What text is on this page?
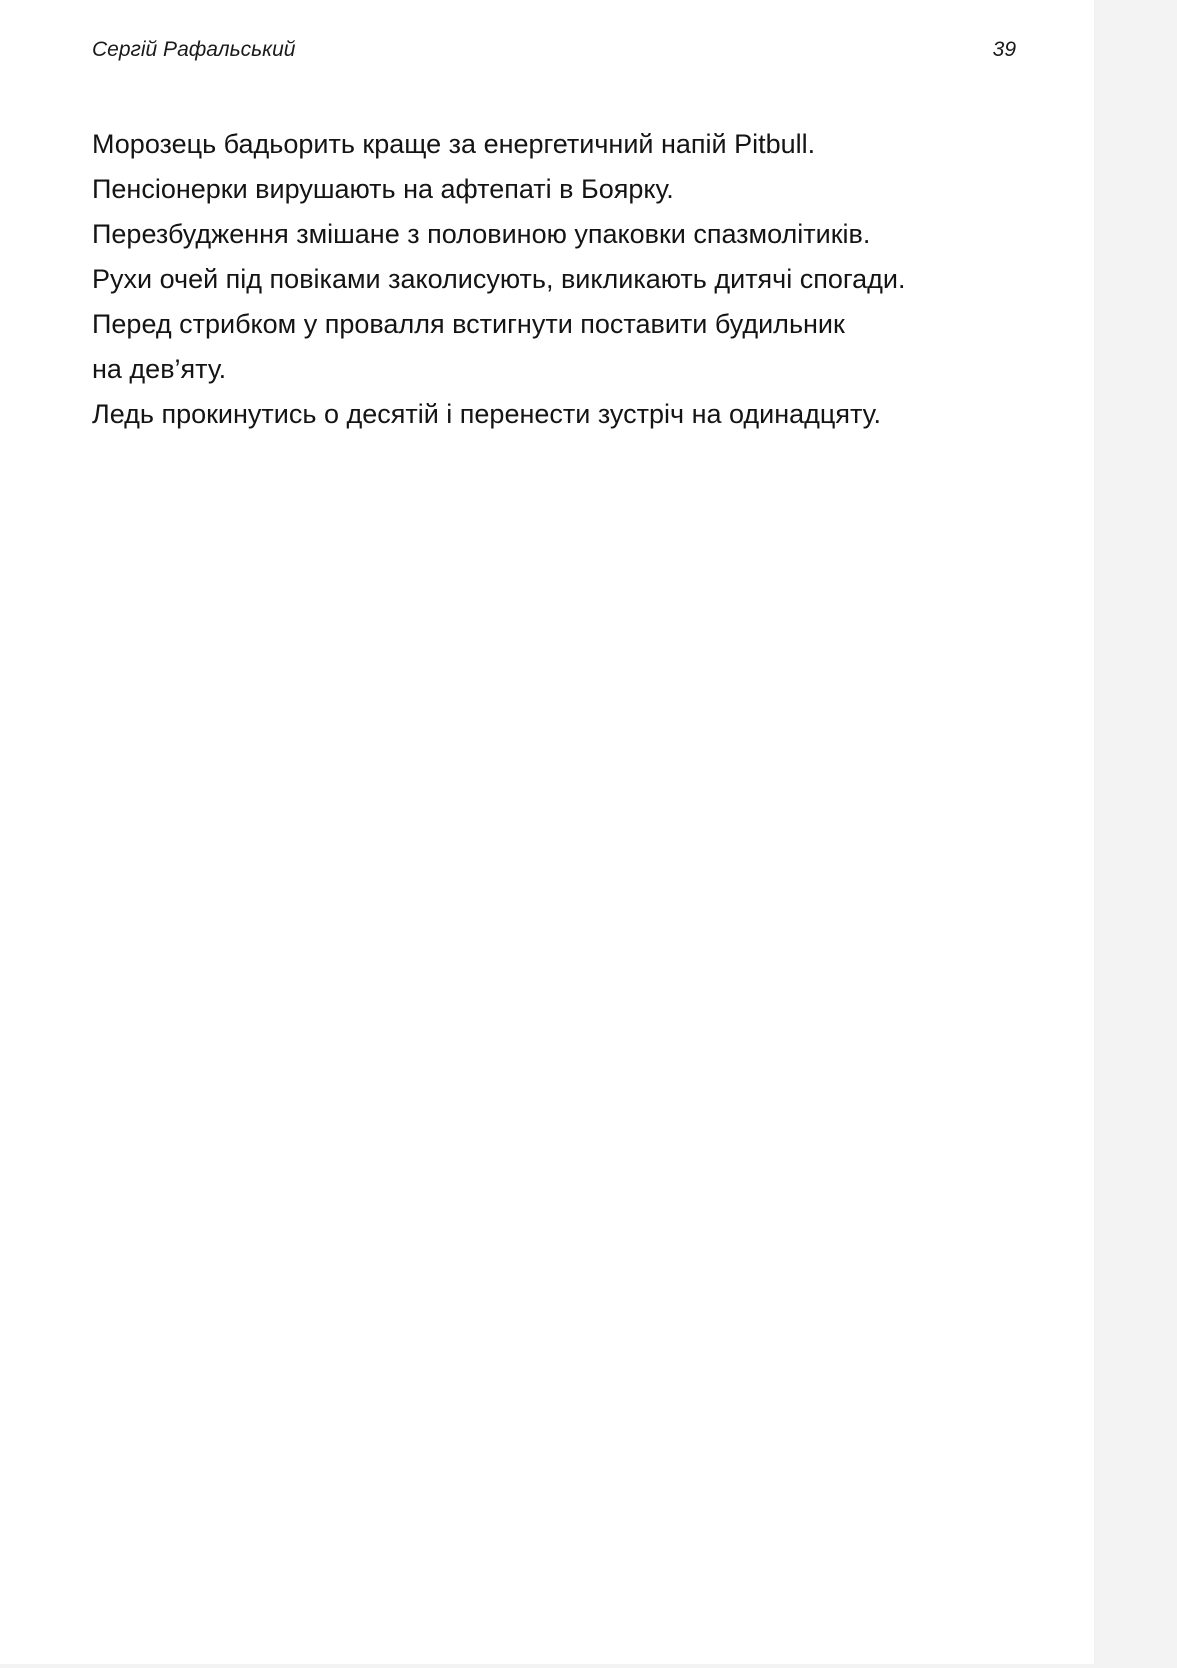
Сергій Рафальський	39
Морозець бадьорить краще за енергетичний напій Pitbull.
Пенсіонерки вирушають на афтепаті в Боярку.
Перезбудження змішане з половиною упаковки спазмолітиків.
Рухи очей під повіками заколисують, викликають дитячі спогади.
Перед стрибком у провалля встигнути поставити будильник
на дев’яту.
Ледь прокинутись о десятій і перенести зустріч на одинадцяту.
